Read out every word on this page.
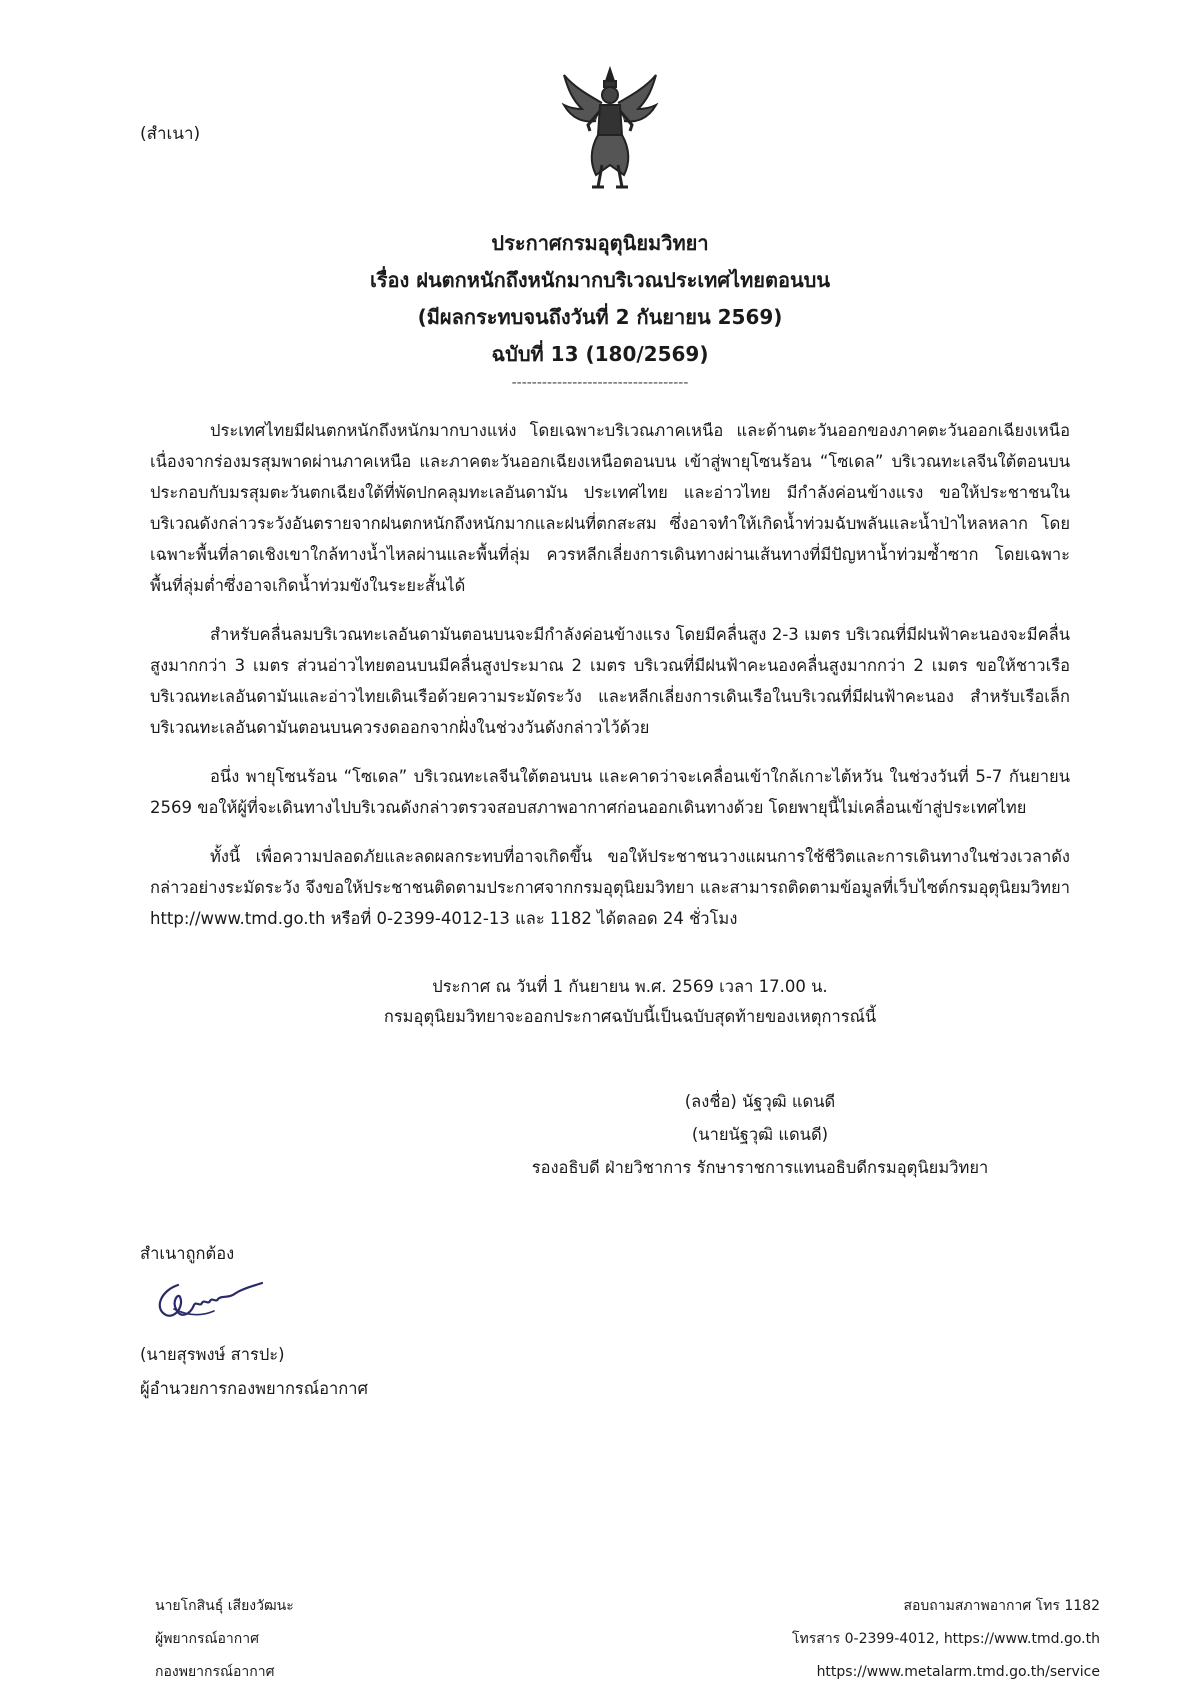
(สำเนา)
ประกาศกรมอุตุนิยมวิทยา
เรื่อง ฝนตกหนักถึงหนักมากบริเวณประเทศไทยตอนบน
(มีผลกระทบจนถึงวันที่ 2 กันยายน 2569)
ฉบับที่ 13 (180/2569)
-----------------------------------

ประเทศไทยมีฝนตกหนักถึงหนักมากบางแห่ง โดยเฉพาะบริเวณภาคเหนือ และด้านตะวันออกของภาคตะวันออกเฉียงเหนือ เนื่องจากร่องมรสุมพาดผ่านภาคเหนือ และภาคตะวันออกเฉียงเหนือตอนบน เข้าสู่พายุโซนร้อน “โซเดล” บริเวณทะเลจีนใต้ตอนบน ประกอบกับมรสุมตะวันตกเฉียงใต้ที่พัดปกคลุมทะเลอันดามัน ประเทศไทย และอ่าวไทย มีกำลังค่อนข้างแรง ขอให้ประชาชนในบริเวณดังกล่าวระวังอันตรายจากฝนตกหนักถึงหนักมากและฝนที่ตกสะสม ซึ่งอาจทำให้เกิดน้ำท่วมฉับพลันและน้ำป่าไหลหลาก โดยเฉพาะพื้นที่ลาดเชิงเขาใกล้ทางน้ำไหลผ่านและพื้นที่ลุ่ม ควรหลีกเลี่ยงการเดินทางผ่านเส้นทางที่มีปัญหาน้ำท่วมซ้ำซาก โดยเฉพาะพื้นที่ลุ่มต่ำซึ่งอาจเกิดน้ำท่วมขังในระยะสั้นได้

สำหรับคลื่นลมบริเวณทะเลอันดามันตอนบนจะมีกำลังค่อนข้างแรง โดยมีคลื่นสูง 2-3 เมตร บริเวณที่มีฝนฟ้าคะนองจะมีคลื่นสูงมากกว่า 3 เมตร ส่วนอ่าวไทยตอนบนมีคลื่นสูงประมาณ 2 เมตร บริเวณที่มีฝนฟ้าคะนองคลื่นสูงมากกว่า 2 เมตร ขอให้ชาวเรือบริเวณทะเลอันดามันและอ่าวไทยเดินเรือด้วยความระมัดระวัง และหลีกเลี่ยงการเดินเรือในบริเวณที่มีฝนฟ้าคะนอง สำหรับเรือเล็กบริเวณทะเลอันดามันตอนบนควรงดออกจากฝั่งในช่วงวันดังกล่าวไว้ด้วย

อนึ่ง พายุโซนร้อน “โซเดล” บริเวณทะเลจีนใต้ตอนบน และคาดว่าจะเคลื่อนเข้าใกล้เกาะไต้หวัน ในช่วงวันที่ 5-7 กันยายน 2569 ขอให้ผู้ที่จะเดินทางไปบริเวณดังกล่าวตรวจสอบสภาพอากาศก่อนออกเดินทางด้วย โดยพายุนี้ไม่เคลื่อนเข้าสู่ประเทศไทย

ทั้งนี้ เพื่อความปลอดภัยและลดผลกระทบที่อาจเกิดขึ้น ขอให้ประชาชนวางแผนการใช้ชีวิตและการเดินทางในช่วงเวลาดังกล่าวอย่างระมัดระวัง จึงขอให้ประชาชนติดตามประกาศจากกรมอุตุนิยมวิทยา และสามารถติดตามข้อมูลที่เว็บไซต์กรมอุตุนิยมวิทยา http://www.tmd.go.th หรือที่ 0-2399-4012-13 และ 1182 ได้ตลอด 24 ชั่วโมง

ประกาศ ณ วันที่ 1 กันยายน พ.ศ. 2569 เวลา 17.00 น.
กรมอุตุนิยมวิทยาจะออกประกาศฉบับนี้เป็นฉบับสุดท้ายของเหตุการณ์นี้
(ลงชื่อ) นัฐวุฒิ แดนดี
(นายนัฐวุฒิ แดนดี)
รองอธิบดี ฝ่ายวิชาการ รักษาราชการแทนอธิบดีกรมอุตุนิยมวิทยา
สำเนาถูกต้อง
(นายสุรพงษ์ สารปะ)
ผู้อำนวยการกองพยากรณ์อากาศ
นายโกสินธุ์ เสียงวัฒนะ
ผู้พยากรณ์อากาศ
กองพยากรณ์อากาศ
สอบถามสภาพอากาศ โทร 1182
โทรสาร 0-2399-4012, https://www.tmd.go.th
https://www.metalarm.tmd.go.th/service
